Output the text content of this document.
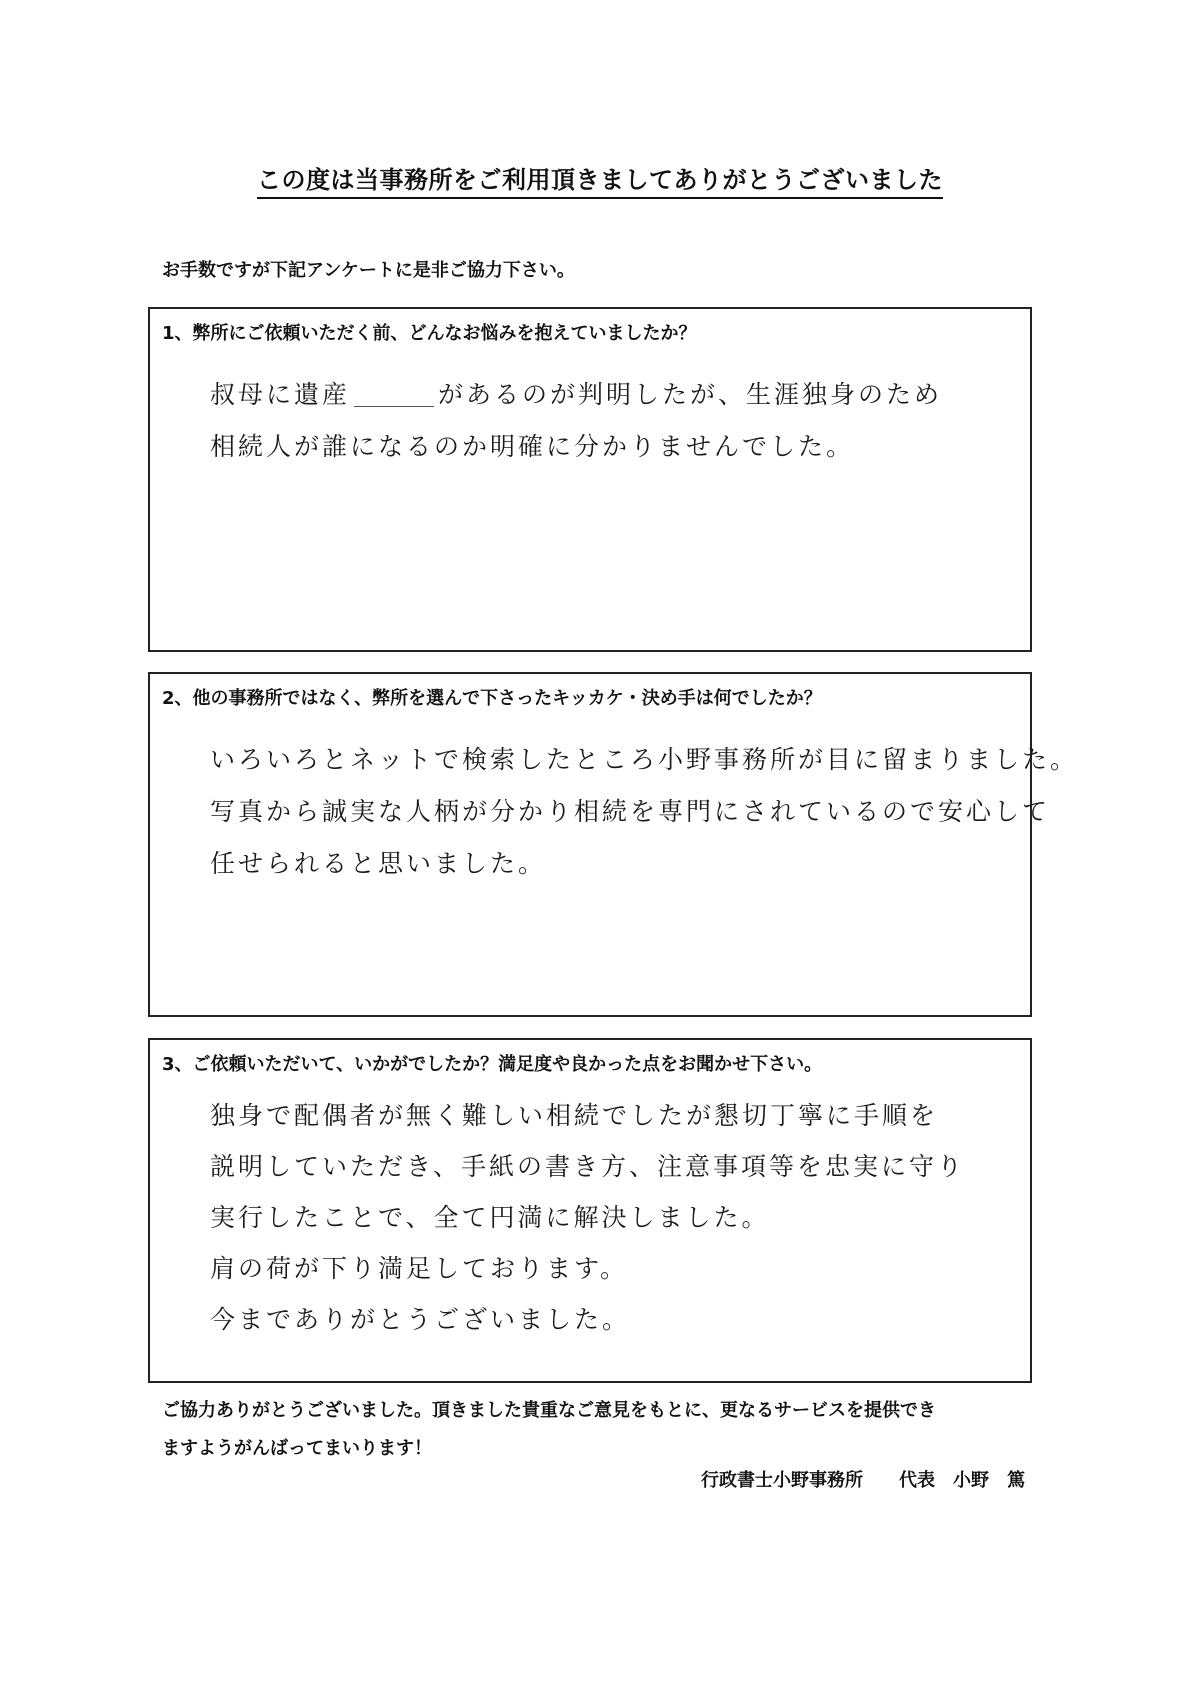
この度は当事務所をご利用頂きましてありがとうございました
お手数ですが下記アンケートに是非ご協力下さい。
1、弊所にご依頼いただく前、どんなお悩みを抱えていましたか？
叔母に遺産	があるのが判明したが、生涯独身のため
相続人が誰になるのか明確に分かりませんでした。
2、他の事務所ではなく、弊所を選んで下さったキッカケ・決め手は何でしたか？
いろいろとネットで検索したところ小野事務所が目に留まりました。
写真から誠実な人柄が分かり相続を専門にされているので安心して
任せられると思いました。
3、ご依頼いただいて、いかがでしたか？満足度や良かった点をお聞かせ下さい。
独身で配偶者が無く難しい相続でしたが懇切丁寧に手順を
説明していただき、手紙の書き方、注意事項等を忠実に守り
実行したことで、全て円満に解決しました。
肩の荷が下り満足しております。
今までありがとうございました。
ご協力ありがとうございました。頂きました貴重なご意見をもとに、更なるサービスを提供でき
ますようがんばってまいります！
行政書士小野事務所　　代表　小野　篤
